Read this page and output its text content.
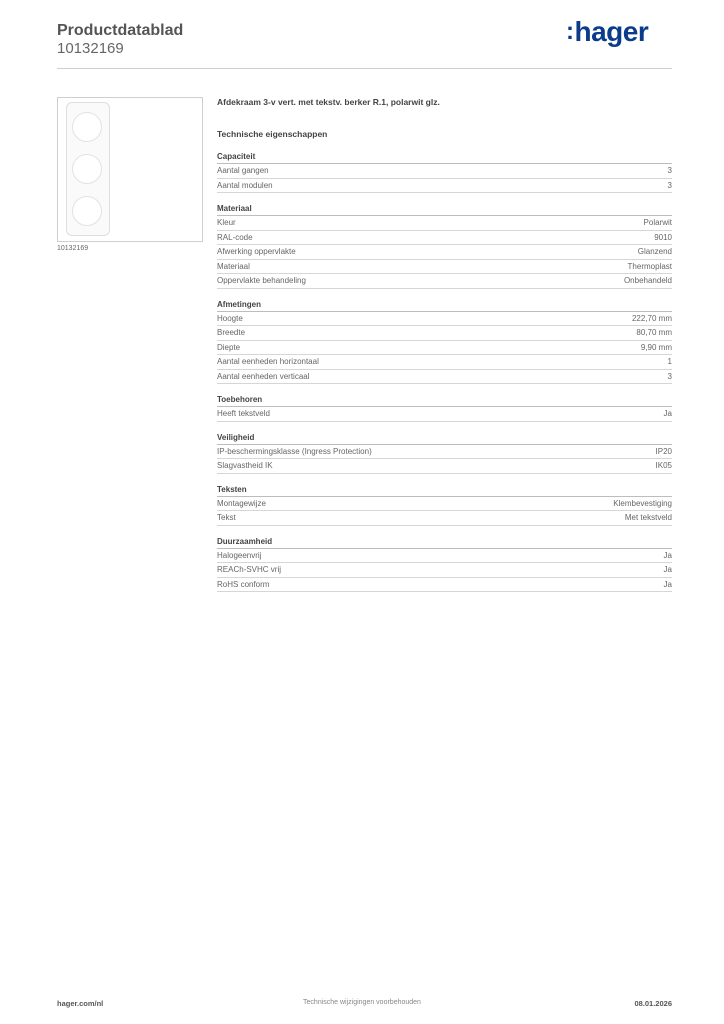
Productdatablad
10132169
:hager
10132169
Afdekraam 3-v vert. met tekstv. berker R.1, polarwit glz.
Technische eigenschappen
Capaciteit
Aantal gangen	3
Aantal modulen	3
Materiaal
Kleur	Polarwit
RAL-code	9010
Afwerking oppervlakte	Glanzend
Materiaal	Thermoplast
Oppervlakte behandeling	Onbehandeld
Afmetingen
Hoogte	222,70 mm
Breedte	80,70 mm
Diepte	9,90 mm
Aantal eenheden horizontaal	1
Aantal eenheden verticaal	3
Toebehoren
Heeft tekstveld	Ja
Veiligheid
IP-beschermingsklasse (Ingress Protection)	IP20
Slagvastheid IK	IK05
Teksten
Montagewijze	Klembevestiging
Tekst	Met tekstveld
Duurzaamheid
Halogeenvrij	Ja
REACh-SVHC vrij	Ja
RoHS conform	Ja
hager.com/nl	Technische wijzigingen voorbehouden	08.01.2026
